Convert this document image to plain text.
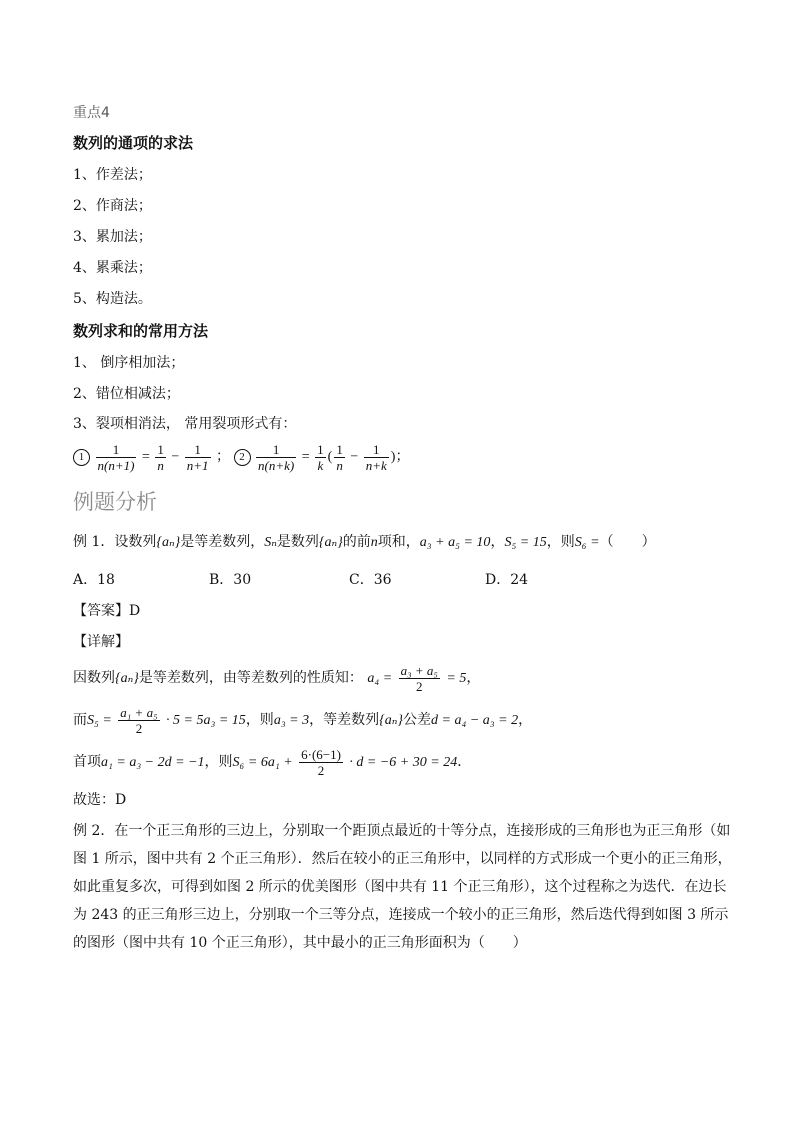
重点4
数列的通项的求法
1、作差法；
2、作商法；
3、累加法；
4、累乘法；
5、构造法。
数列求和的常用方法
1、 倒序相加法；
2、错位相减法；
3、裂项相消法， 常用裂项形式有：
$1 \frac{1}{n(n+1)} = \frac{1}{n} - \frac{1}{n+1}$ ； $2 \frac{1}{n(n+k)} = \frac{1}{k}$ ( $\frac{1}{n} - \frac{1}{n+k}$ )；
例题分析
例 1．设数列{aₙ}是等差数列，Sₙ是数列{aₙ}的前n项和，a₃ + a₅ = 10，S₅ = 15，则S₆ =（　　）
A．18	B．30	C．36	D．24
【答案】D
【详解】
因数列{aₙ}是等差数列，由等差数列的性质知： $a_4 = \frac{\text{a₃ + a₅}}{2} = 5$，
而$S_5 = \frac{\text{a₁ + a₅}}{2} \cdot 5 = 5a_3 = 15$，则a₃ = 3，等差数列{aₙ}公差d = a₄ − a₃ = 2，
首项a₁ = a₃ − 2d = −1，则$S_6 = 6a_1 + \frac{6\cdot(6-1)}{2} \cdot d = -6 + 30 = 24$．
故选：D
例 2．在一个正三角形的三边上，分别取一个距顶点最近的十等分点，连接形成的三角形也为正三角形（如图 1 所示，图中共有 2 个正三角形）．然后在较小的正三角形中，以同样的方式形成一个更小的正三角形，如此重复多次，可得到如图 2 所示的优美图形（图中共有 11 个正三角形），这个过程称之为迭代．在边长为 243 的正三角形三边上，分别取一个三等分点，连接成一个较小的正三角形，然后迭代得到如图 3 所示的图形（图中共有 10 个正三角形），其中最小的正三角形面积为（　　）
